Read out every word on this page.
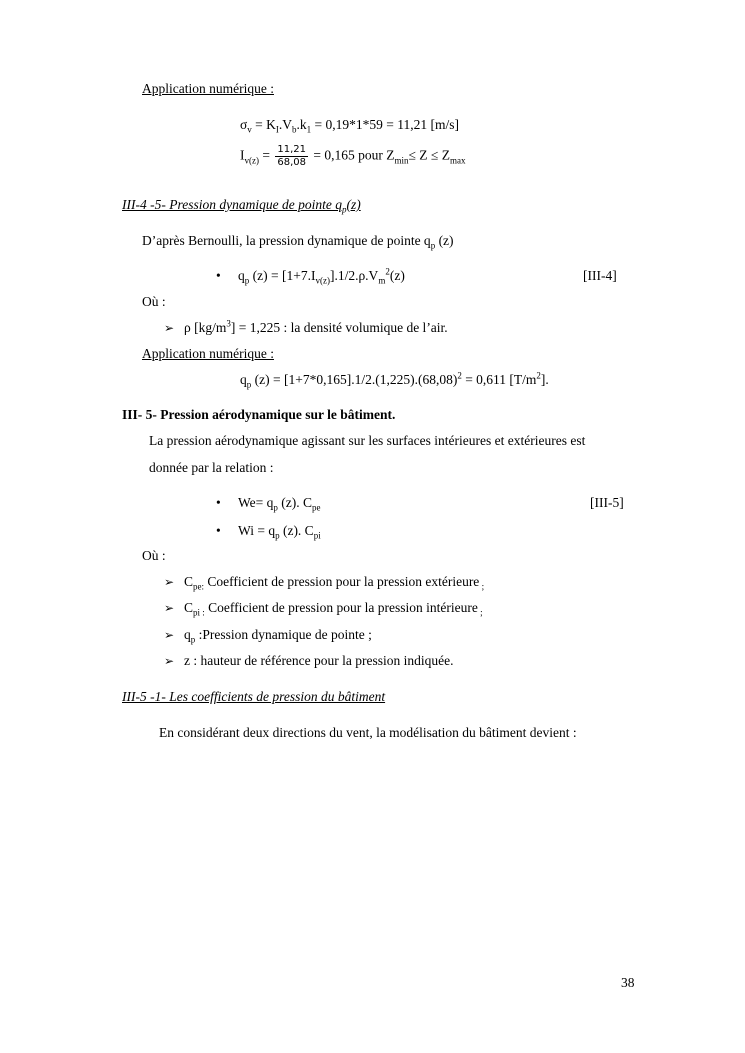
Application numérique :
$\sigma_v = K_I.V_b.k_1 = 0,19*1*59 = 11,21$ [m/s]
$I_{v(z)} = \frac{11,21}{68,08} = 0,165$ pour $Z_{min}\le Z \le Z_{max}$
III-4 -5- Pression dynamique de pointe $q_p(z)$
D’après Bernoulli, la pression dynamique de pointe $q_p$ (z)
• $q_p$ $(z) = [1+7.I_{v(z)}].1/2.\rho.V_m^2(z)$	[III-4]
Où :
➢ ρ $[kg/m^3] = 1,225$ : la densité volumique de l’air.
Application numérique :
$q_p$ $(z) = [1+7*0,165].1/2.(1,225).(68,08)^2 = 0,611$ $[T/m^2]$.
III- 5- Pression aérodynamique sur le bâtiment.
La pression aérodynamique agissant sur les surfaces intérieures et extérieures est
donnée par la relation :
• $We= q_p$ (z). $C_{pe}$	[III-5]
• $Wi = q_p$ (z). $C_{pi}$
Où :
➢ $C_{pe:}$ Coefficient de pression pour la pression extérieure $_;$
➢ $C_{pi :}$ Coefficient de pression pour la pression intérieure $_;$
➢ $q_p$ :Pression dynamique de pointe ;
➢ z : hauteur de référence pour la pression indiquée.
III-5 -1- Les coefficients de pression du bâtiment
En considérant deux directions du vent, la modélisation du bâtiment devient :
38
